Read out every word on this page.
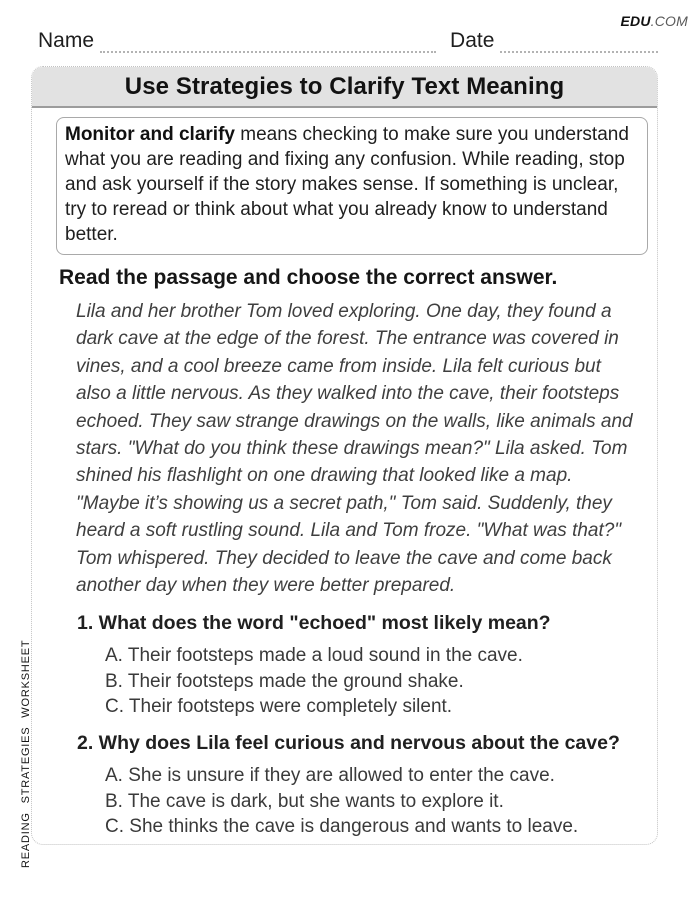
EDU.COM
Name	Date
Use Strategies to Clarify Text Meaning
Monitor and clarify means checking to make sure you understand what you are reading and fixing any confusion. While reading, stop and ask yourself if the story makes sense. If something is unclear, try to reread or think about what you already know to understand better.
Read the passage and choose the correct answer.

Lila and her brother Tom loved exploring. One day, they found a dark cave at the edge of the forest. The entrance was covered in vines, and a cool breeze came from inside. Lila felt curious but also a little nervous. As they walked into the cave, their footsteps echoed. They saw strange drawings on the walls, like animals and stars. "What do you think these drawings mean?" Lila asked. Tom shined his flashlight on one drawing that looked like a map. "Maybe it’s showing us a secret path," Tom said. Suddenly, they heard a soft rustling sound. Lila and Tom froze. "What was that?" Tom whispered. They decided to leave the cave and come back another day when they were better prepared.

1. What does the word "echoed" most likely mean?
A. Their footsteps made a loud sound in the cave.
B. Their footsteps made the ground shake.
C. Their footsteps were completely silent.
2. Why does Lila feel curious and nervous about the cave?
A. She is unsure if they are allowed to enter the cave.
B. The cave is dark, but she wants to explore it.
C. She thinks the cave is dangerous and wants to leave.
READING STRATEGIES WORKSHEET
